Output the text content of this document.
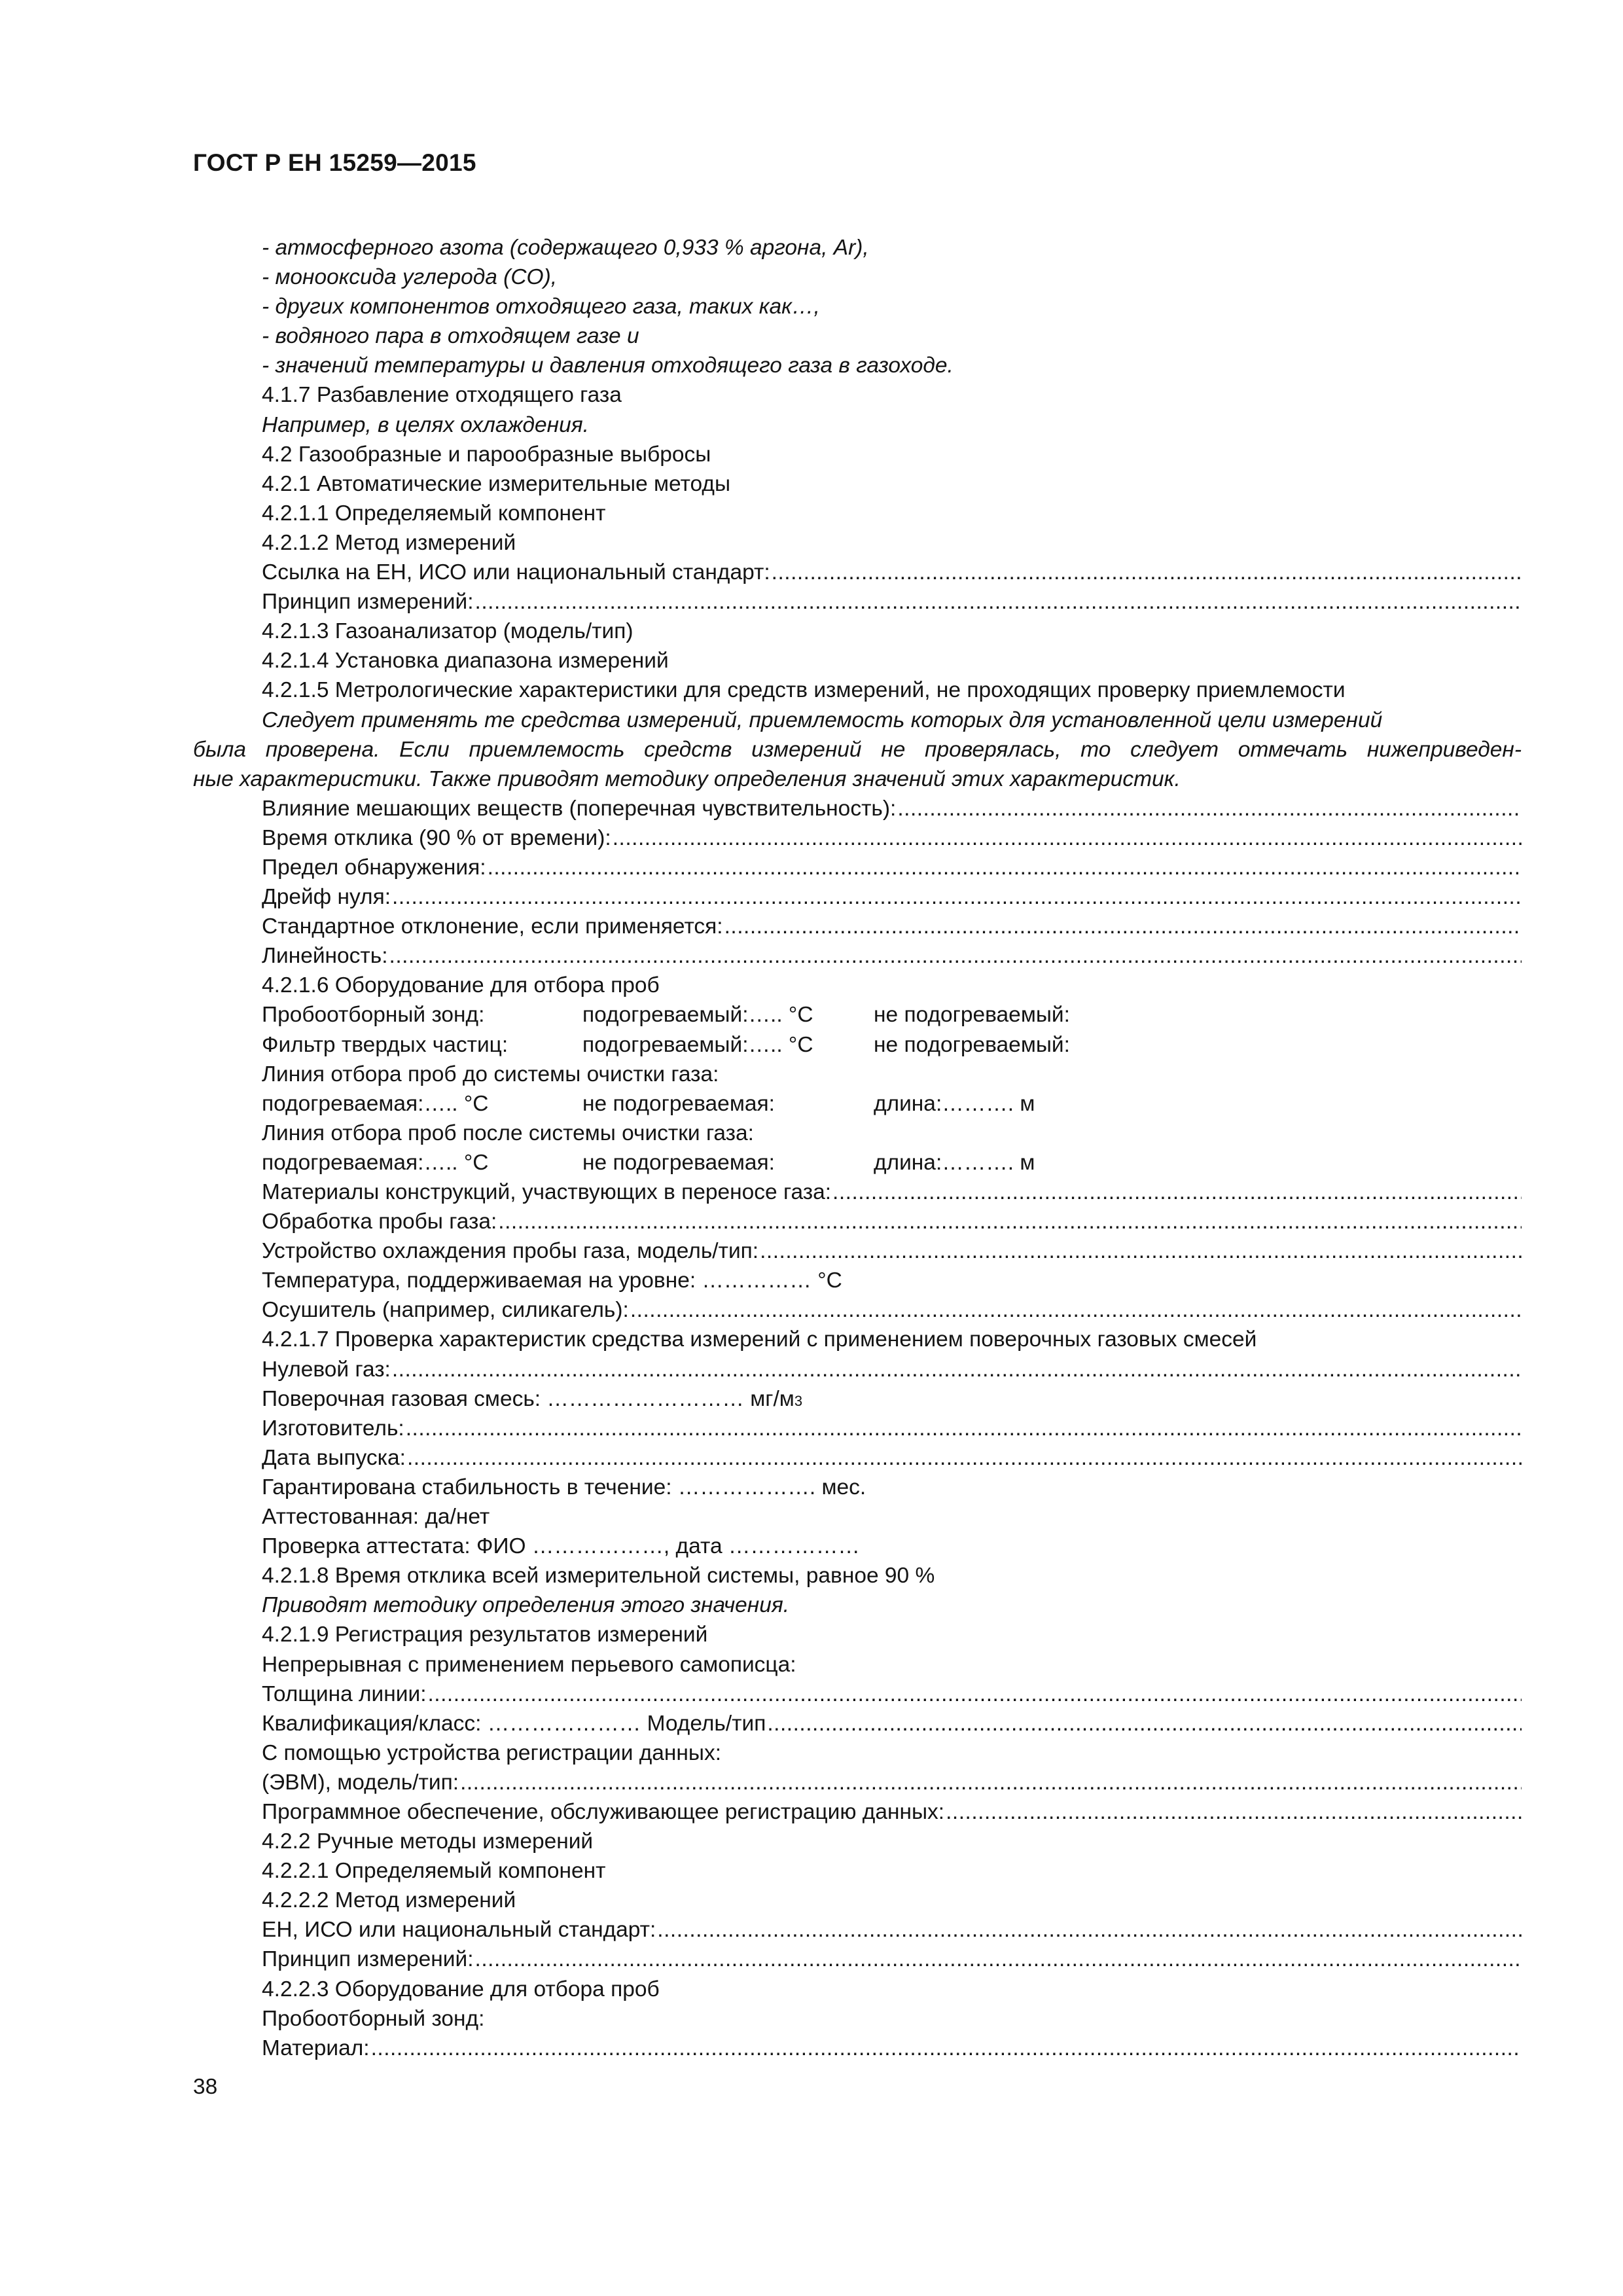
ГОСТ Р ЕН 15259—2015
- атмосферного азота (содержащего 0,933 % аргона, Ar),
- монооксида углерода (CO),
- других компонентов отходящего газа, таких как…,
- водяного пара в отходящем газе и
- значений температуры и давления отходящего газа в газоходе.
4.1.7 Разбавление отходящего газа
Например, в целях охлаждения.
4.2 Газообразные и парообразные выбросы
4.2.1 Автоматические измерительные методы
4.2.1.1 Определяемый компонент
4.2.1.2 Метод измерений
Ссылка на ЕН, ИСО или национальный стандарт:
.....
Принцип измерений:
.....
4.2.1.3 Газоанализатор (модель/тип)
4.2.1.4 Установка диапазона измерений
4.2.1.5 Метрологические характеристики для средств измерений, не проходящих проверку приемлемости
Следует применять те средства измерений, приемлемость которых для установленной цели измерений
была проверена. Если приемлемость средств измерений не проверялась, то следует отмечать нижеприведен-
ные характеристики. Также приводят методику определения значений этих характеристик.
Влияние мешающих веществ (поперечная чувствительность):
.....
Время отклика (90 % от времени):
.....
Предел обнаружения:
.....
Дрейф нуля:
.....
Стандартное отклонение, если применяется:
.....
Линейность:
.....
4.2.1.6 Оборудование для отбора проб
Пробоотборный зонд:	подогреваемый:….. °С	не подогреваемый:
Фильтр твердых частиц:	подогреваемый:….. °С	не подогреваемый:
Линия отбора проб до системы очистки газа:
подогреваемая:….. °С	не подогреваемая:	длина:………. м
Линия отбора проб после системы очистки газа:
подогреваемая:….. °С	не подогреваемая:	длина:………. м
Материалы конструкций, участвующих в переносе газа:
.....
Обработка пробы газа:
.....
Устройство охлаждения пробы газа, модель/тип:
.....
Температура, поддерживаемая на уровне: …………… °С
Осушитель (например, силикагель):
.....
4.2.1.7 Проверка характеристик средства измерений с применением поверочных газовых смесей
Нулевой газ:
.....
Поверочная газовая смесь: ……………………… мг/м 3
Изготовитель:
.....
Дата выпуска:
.....
Гарантирована стабильность в течение: ………………. мес.
Аттестованная: да/нет
Проверка аттестата: ФИО ………………, дата ………………
4.2.1.8 Время отклика всей измерительной системы, равное 90 %
Приводят методику определения этого значения.
4.2.1.9 Регистрация результатов измерений
Непрерывная с применением перьевого самописца:
Толщина линии:
.....
Квалификация/класс: ………………… Модель/тип
.....
С помощью устройства регистрации данных:
(ЭВМ), модель/тип:
.....
Программное обеспечение, обслуживающее регистрацию данных:
.....
4.2.2 Ручные методы измерений
4.2.2.1 Определяемый компонент
4.2.2.2 Метод измерений
ЕН, ИСО или национальный стандарт:
.....
Принцип измерений:
.....
4.2.2.3 Оборудование для отбора проб
Пробоотборный зонд:
Материал:
.....
38
